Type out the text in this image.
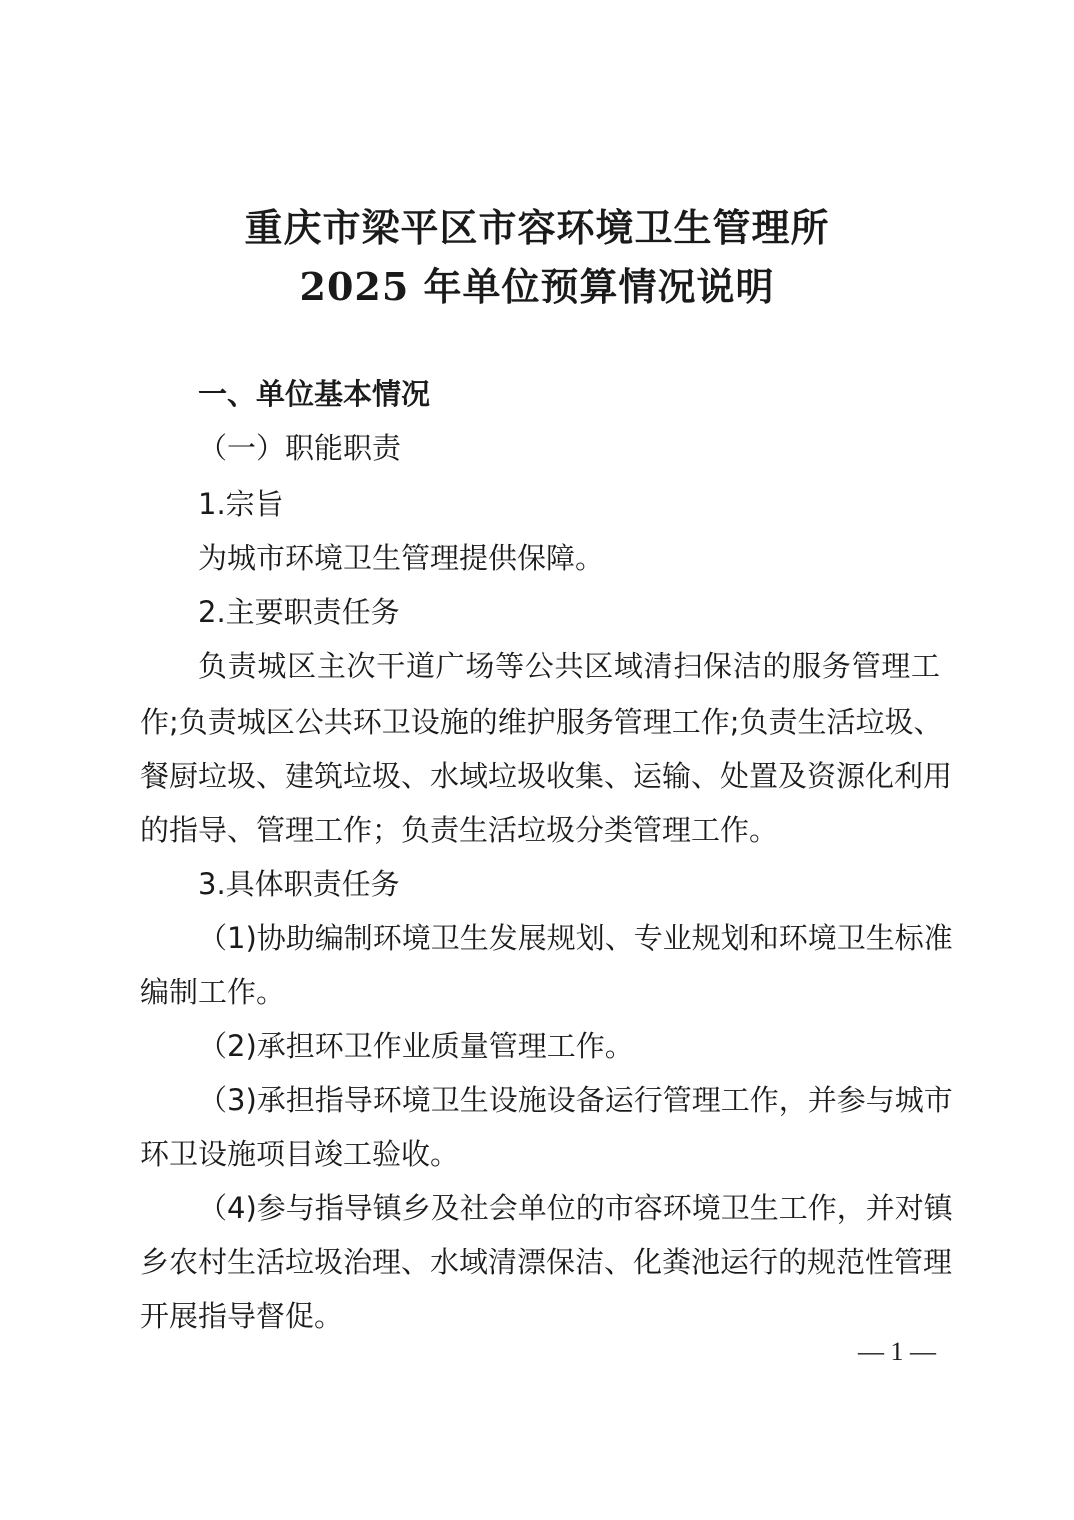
重庆市梁平区市容环境卫生管理所
2025 年单位预算情况说明
一、单位基本情况
（一）职能职责
1.宗旨
为城市环境卫生管理提供保障。
2.主要职责任务
负责城区主次干道广场等公共区域清扫保洁的服务管理工
作;负责城区公共环卫设施的维护服务管理工作;负责生活垃圾、
餐厨垃圾、建筑垃圾、水域垃圾收集、运输、处置及资源化利用
的指导、管理工作；负责生活垃圾分类管理工作。
3.具体职责任务
（1)协助编制环境卫生发展规划、专业规划和环境卫生标准
编制工作。
（2)承担环卫作业质量管理工作。
（3)承担指导环境卫生设施设备运行管理工作，并参与城市
环卫设施项目竣工验收。
（4)参与指导镇乡及社会单位的市容环境卫生工作，并对镇
乡农村生活垃圾治理、水域清漂保洁、化粪池运行的规范性管理
开展指导督促。
— 1 —
